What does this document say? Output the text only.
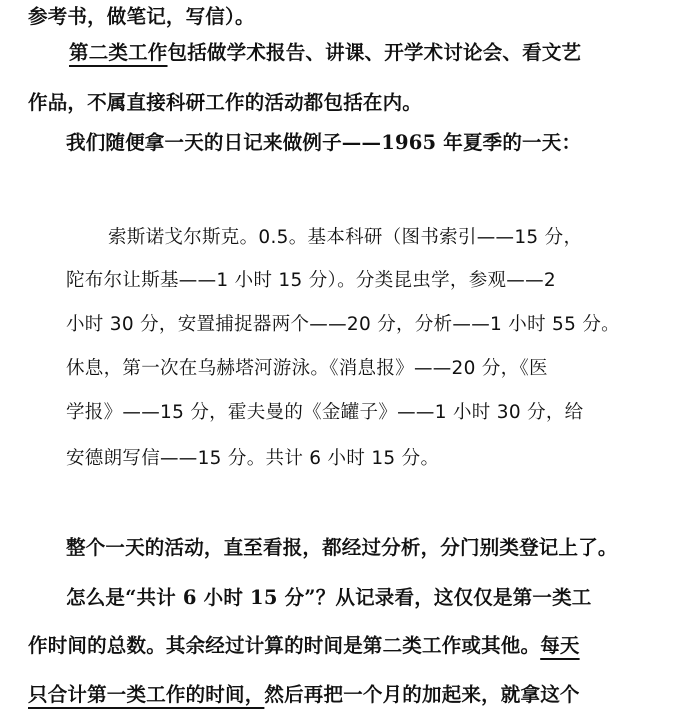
参考书，做笔记，写信）。
第二类工作包括做学术报告、讲课、开学术讨论会、看文艺
作品，不属直接科研工作的活动都包括在内。
我们随便拿一天的日记来做例子——1965 年夏季的一天：
索斯诺戈尔斯克。0.5。基本科研（图书索引——15 分，
陀布尔让斯基——1 小时 15 分）。分类昆虫学，参观——2
小时 30 分，安置捕捉器两个——20 分，分析——1 小时 55 分。
休息，第一次在乌赫塔河游泳。《消息报》——20 分，《医
学报》——15 分，霍夫曼的《金罐子》——1 小时 30 分，给
安德朗写信——15 分。共计 6 小时 15 分。
整个一天的活动，直至看报，都经过分析，分门别类登记上了。
怎么是“共计 6 小时 15 分”？从记录看，这仅仅是第一类工
作时间的总数。其余经过计算的时间是第二类工作或其他。每天
只合计第一类工作的时间，然后再把一个月的加起来，就拿这个
